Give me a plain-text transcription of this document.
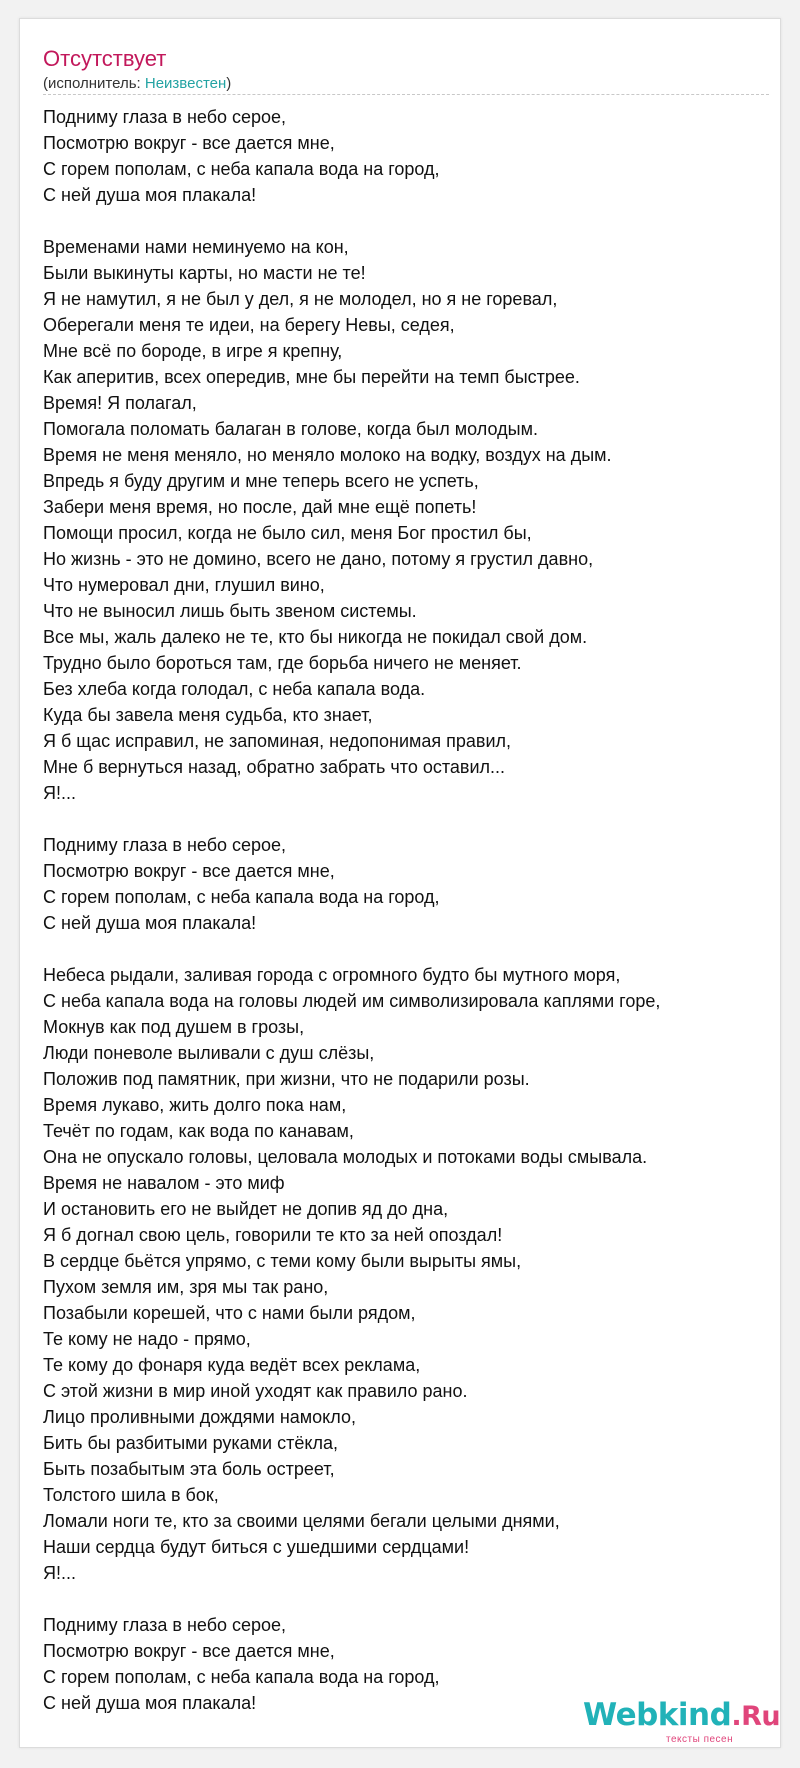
Отсутствует
(исполнитель: Неизвестен)
Подниму глаза в небо серое,
Посмотрю вокруг - все дается мне,
С горем пополам, с неба капала вода на город,
С ней душа моя плакала!
Временами нами неминуемо на кон,
Были выкинуты карты, но масти не те!
Я не намутил, я не был у дел, я не молодел, но я не горевал,
Оберегали меня те идеи, на берегу Невы, седея,
Мне всё по бороде, в игре я крепну,
Как аперитив, всех опередив, мне бы перейти на темп быстрее.
Время! Я полагал,
Помогала поломать балаган в голове, когда был молодым.
Время не меня меняло, но меняло молоко на водку, воздух на дым.
Впредь я буду другим и мне теперь всего не успеть,
Забери меня время, но после, дай мне ещё попеть!
Помощи просил, когда не было сил, меня Бог простил бы,
Но жизнь - это не домино, всего не дано, потому я грустил давно,
Что нумеровал дни, глушил вино,
Что не выносил лишь быть звеном системы.
Все мы, жаль далеко не те, кто бы никогда не покидал свой дом.
Трудно было бороться там, где борьба ничего не меняет.
Без хлеба когда голодал, с неба капала вода.
Куда бы завела меня судьба, кто знает,
Я б щас исправил, не запоминая, недопонимая правил,
Мне б вернуться назад, обратно забрать что оставил...
Я!...
Подниму глаза в небо серое,
Посмотрю вокруг - все дается мне,
С горем пополам, с неба капала вода на город,
С ней душа моя плакала!
Небеса рыдали, заливая города с огромного будто бы мутного моря,
С неба капала вода на головы людей им символизировала каплями горе,
Мокнув как под душем в грозы,
Люди поневоле выливали с душ слёзы,
Положив под памятник, при жизни, что не подарили розы.
Время лукаво, жить долго пока нам,
Течёт по годам, как вода по канавам,
Она не опускало головы, целовала молодых и потоками воды смывала.
Время не навалом - это миф
И остановить его не выйдет не допив яд до дна,
Я б догнал свою цель, говорили те кто за ней опоздал!
В сердце бьётся упрямо, с теми кому были вырыты ямы,
Пухом земля им, зря мы так рано,
Позабыли корешей, что с нами были рядом,
Те кому не надо - прямо,
Те кому до фонаря куда ведёт всех реклама,
С этой жизни в мир иной уходят как правило рано.
Лицо проливными дождями намокло,
Бить бы разбитыми руками стёкла,
Быть позабытым эта боль остреет,
Толстого шила в бок,
Ломали ноги те, кто за своими целями бегали целыми днями,
Наши сердца будут биться с ушедшими сердцами!
Я!...
Подниму глаза в небо серое,
Посмотрю вокруг - все дается мне,
С горем пополам, с неба капала вода на город,
С ней душа моя плакала!	Webkind.Ru
тексты песен
